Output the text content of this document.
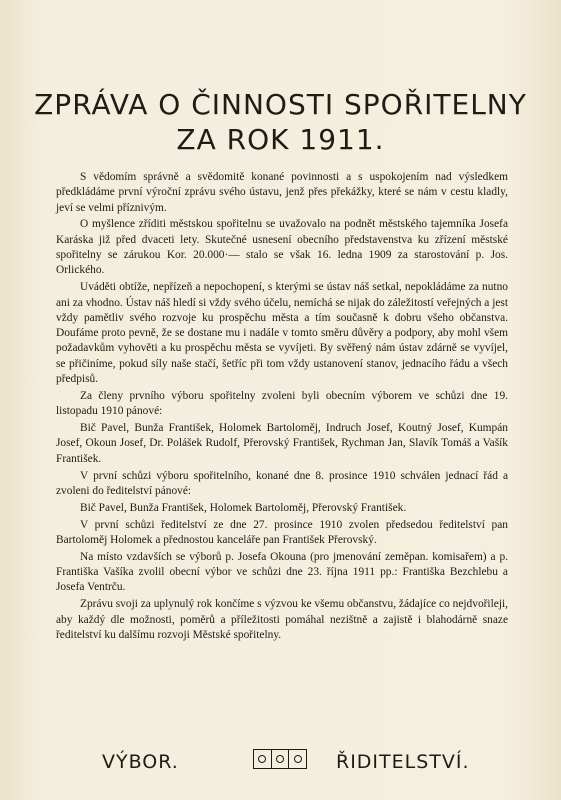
ZPRÁVA O ČINNOSTI SPOŘITELNY
ZA ROK 1911.

S vědomím správně a svědomitě konané povinnosti a s uspokojením nad výsledkem předkládáme první výroční zprávu svého ústavu, jenž přes překážky, které se nám v cestu kladly, jeví se velmi příznivým.

O myšlence zříditi městskou spořitelnu se uvažovalo na podnět městského tajemníka Josefa Karáska již před dvaceti lety. Skutečné usnesení obecního představenstva ku zřízení městské spořitelny se zárukou Kor. 20.000·— stalo se však 16. ledna 1909 za starostování p. Jos. Orlického.

Uváděti obtíže, nepřízeň a nepochopení, s kterými se ústav náš setkal, nepokládáme za nutno ani za vhodno. Ústav náš hledí si vždy svého účelu, nemíchá se nijak do záležitostí veřejných a jest vždy pamětliv svého rozvoje ku prospěchu města a tím současně k dobru všeho občanstva. Doufáme proto pevně, že se dostane mu i nadále v tomto směru důvěry a podpory, aby mohl všem požadavkům vyhověti a ku prospěchu města se vyvíjeti. By svěřený nám ústav zdárně se vyvíjel, se přičiníme, pokud síly naše stačí, šetříc při tom vždy ustanovení stanov, jednacího řádu a všech předpisů.

Za členy prvního výboru spořitelny zvoleni byli obecním výborem ve schůzi dne 19. listopadu 1910 pánové:

Bič Pavel, Bunža František, Holomek Bartoloměj, Indruch Josef, Koutný Josef, Kumpán Josef, Okoun Josef, Dr. Polášek Rudolf, Přerovský František, Rychman Jan, Slavík Tomáš a Vašík František.

V první schůzi výboru spořitelního, konané dne 8. prosince 1910 schválen jednací řád a zvoleni do ředitelství pánové:

Bič Pavel, Bunža František, Holomek Bartoloměj, Přerovský František.

V první schůzi ředitelství ze dne 27. prosince 1910 zvolen předsedou ředitelství pan Bartoloměj Holomek a přednostou kanceláře pan František Přerovský.

Na místo vzdavších se výborů p. Josefa Okouna (pro jmenování zeměpan. komisařem) a p. Františka Vašíka zvolil obecní výbor ve schůzi dne 23. října 1911 pp.: Františka Bezchlebu a Josefa Ventrču.

Zprávu svoji za uplynulý rok končíme s výzvou ke všemu občanstvu, žádajíce co nejdvořileji, aby každý dle možnosti, poměrů a příležitosti pomáhal nezištně a zajistě i blahodárně snaze ředitelství ku dalšímu rozvoji Městské spořitelny.

VÝBOR.	ŘIDITELSTVÍ.
